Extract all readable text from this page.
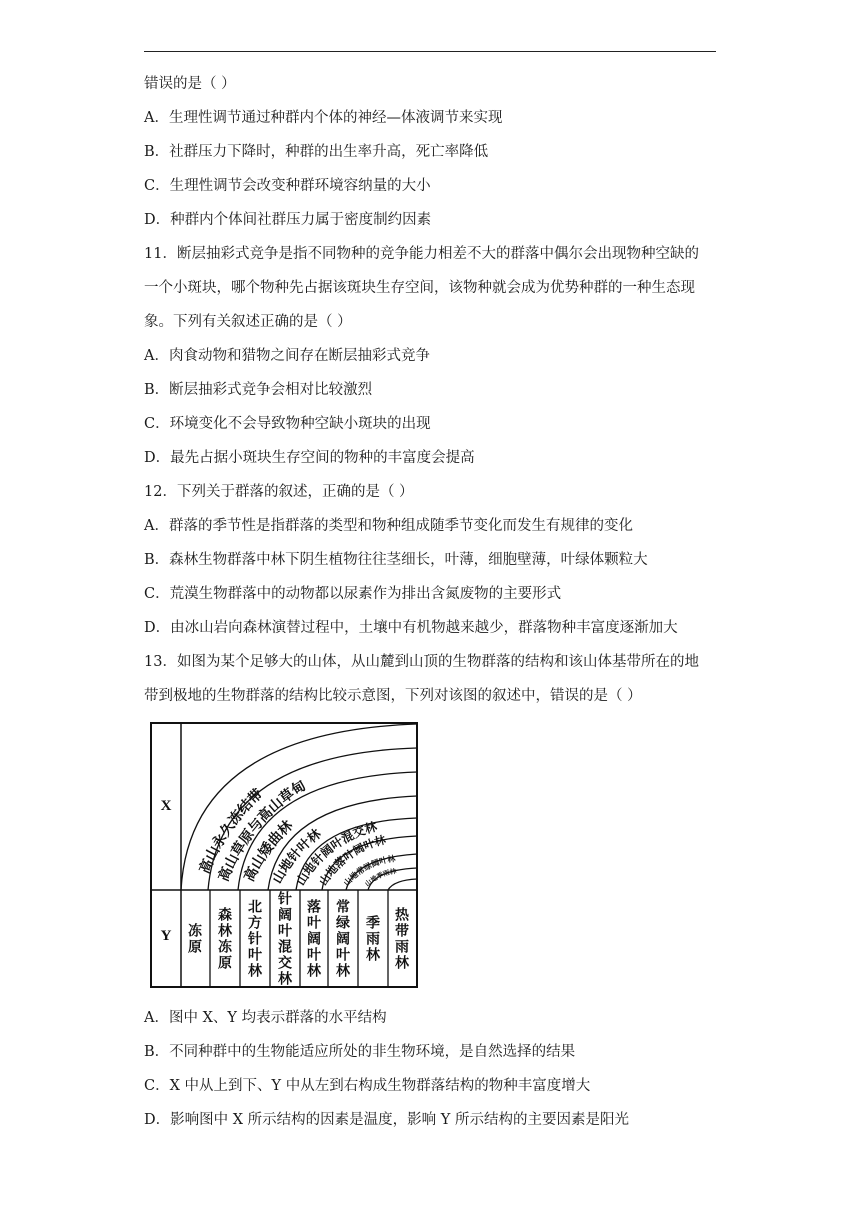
错误的是（ ）
A．生理性调节通过种群内个体的神经—体液调节来实现
B．社群压力下降时，种群的出生率升高，死亡率降低
C．生理性调节会改变种群环境容纳量的大小
D．种群内个体间社群压力属于密度制约因素
11．断层抽彩式竞争是指不同物种的竞争能力相差不大的群落中偶尔会出现物种空缺的
一个小斑块，哪个物种先占据该斑块生存空间，该物种就会成为优势种群的一种生态现
象。下列有关叙述正确的是（ ）
A．肉食动物和猎物之间存在断层抽彩式竞争
B．断层抽彩式竞争会相对比较激烈
C．环境变化不会导致物种空缺小斑块的出现
D．最先占据小斑块生存空间的物种的丰富度会提高
12．下列关于群落的叙述，正确的是（ ）
A．群落的季节性是指群落的类型和物种组成随季节变化而发生有规律的变化
B．森林生物群落中林下阴生植物往往茎细长，叶薄，细胞壁薄，叶绿体颗粒大
C．荒漠生物群落中的动物都以尿素作为排出含氮废物的主要形式
D．由冰山岩向森林演替过程中，土壤中有机物越来越少，群落物种丰富度逐渐加大
13．如图为某个足够大的山体，从山麓到山顶的生物群落的结构和该山体基带所在的地
带到极地的生物群落的结构比较示意图，下列对该图的叙述中，错误的是（ ）
X
Y
高山永久冻结带
高山草原与高山草甸
高山矮曲林
山地针叶林
山地针阔叶混交林
山地落叶阔叶林
山地常绿阔叶林
山地季雨林
冻原
森林冻原
北方针叶林
针阔叶混交林
落叶阔叶林
常绿阔叶林
季雨林
热带雨林
A．图中 X、Y 均表示群落的水平结构
B．不同种群中的生物能适应所处的非生物环境，是自然选择的结果
C．X 中从上到下、Y 中从左到右构成生物群落结构的物种丰富度增大
D．影响图中 X 所示结构的因素是温度，影响 Y 所示结构的主要因素是阳光
